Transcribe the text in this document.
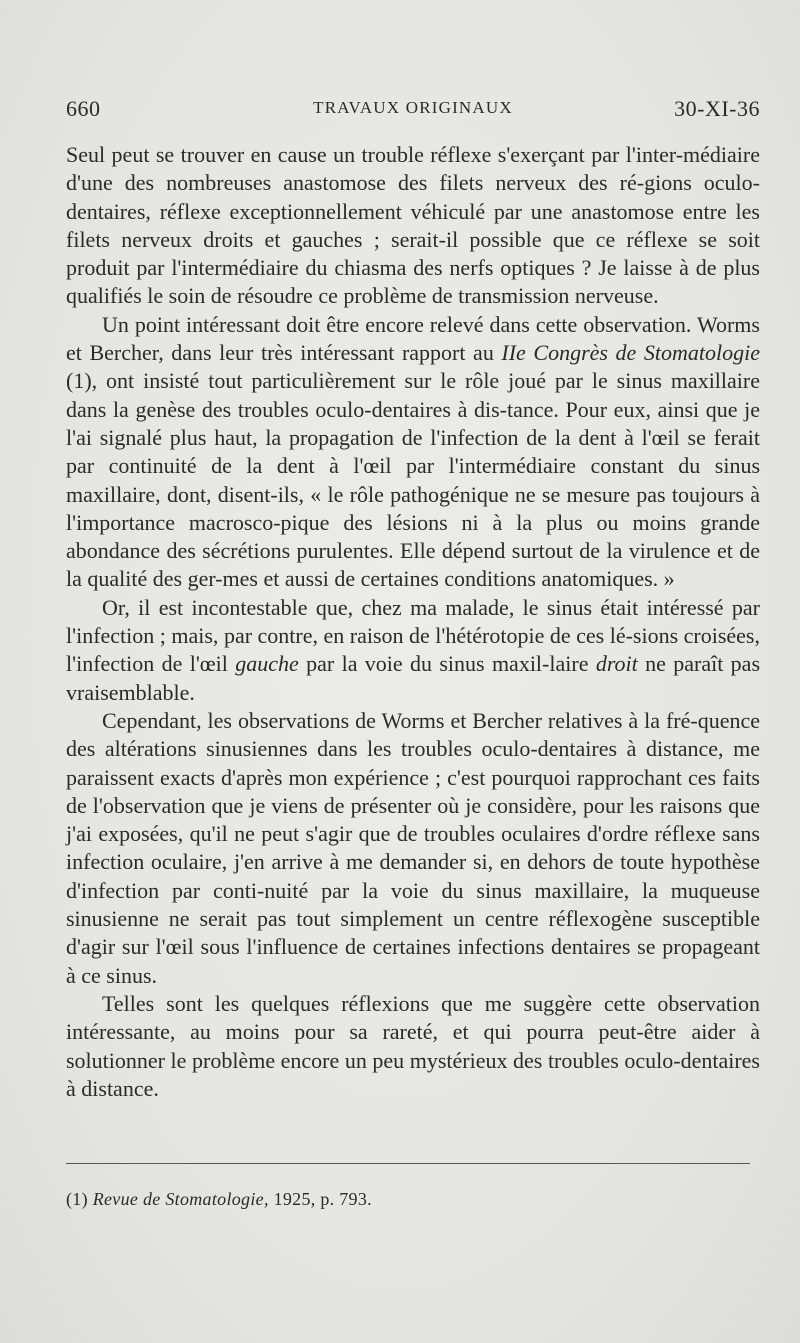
660	TRAVAUX ORIGINAUX	30-XI-36

Seul peut se trouver en cause un trouble réflexe s'exerçant par l'inter-médiaire d'une des nombreuses anastomose des filets nerveux des ré-gions oculo-dentaires, réflexe exceptionnellement véhiculé par une anastomose entre les filets nerveux droits et gauches ; serait-il possible que ce réflexe se soit produit par l'intermédiaire du chiasma des nerfs optiques ? Je laisse à de plus qualifiés le soin de résoudre ce problème de transmission nerveuse.

Un point intéressant doit être encore relevé dans cette observation. Worms et Bercher, dans leur très intéressant rapport au IIe Congrès de Stomatologie (1), ont insisté tout particulièrement sur le rôle joué par le sinus maxillaire dans la genèse des troubles oculo-dentaires à dis-tance. Pour eux, ainsi que je l'ai signalé plus haut, la propagation de l'infection de la dent à l'œil se ferait par continuité de la dent à l'œil par l'intermédiaire constant du sinus maxillaire, dont, disent-ils, « le rôle pathogénique ne se mesure pas toujours à l'importance macrosco-pique des lésions ni à la plus ou moins grande abondance des sécrétions purulentes. Elle dépend surtout de la virulence et de la qualité des ger-mes et aussi de certaines conditions anatomiques. »

Or, il est incontestable que, chez ma malade, le sinus était intéressé par l'infection ; mais, par contre, en raison de l'hétérotopie de ces lé-sions croisées, l'infection de l'œil gauche par la voie du sinus maxil-laire droit ne paraît pas vraisemblable.

Cependant, les observations de Worms et Bercher relatives à la fré-quence des altérations sinusiennes dans les troubles oculo-dentaires à distance, me paraissent exacts d'après mon expérience ; c'est pourquoi rapprochant ces faits de l'observation que je viens de présenter où je considère, pour les raisons que j'ai exposées, qu'il ne peut s'agir que de troubles oculaires d'ordre réflexe sans infection oculaire, j'en arrive à me demander si, en dehors de toute hypothèse d'infection par conti-nuité par la voie du sinus maxillaire, la muqueuse sinusienne ne serait pas tout simplement un centre réflexogène susceptible d'agir sur l'œil sous l'influence de certaines infections dentaires se propageant à ce sinus.

Telles sont les quelques réflexions que me suggère cette observation intéressante, au moins pour sa rareté, et qui pourra peut-être aider à solutionner le problème encore un peu mystérieux des troubles oculo-dentaires à distance.

(1) Revue de Stomatologie, 1925, p. 793.
